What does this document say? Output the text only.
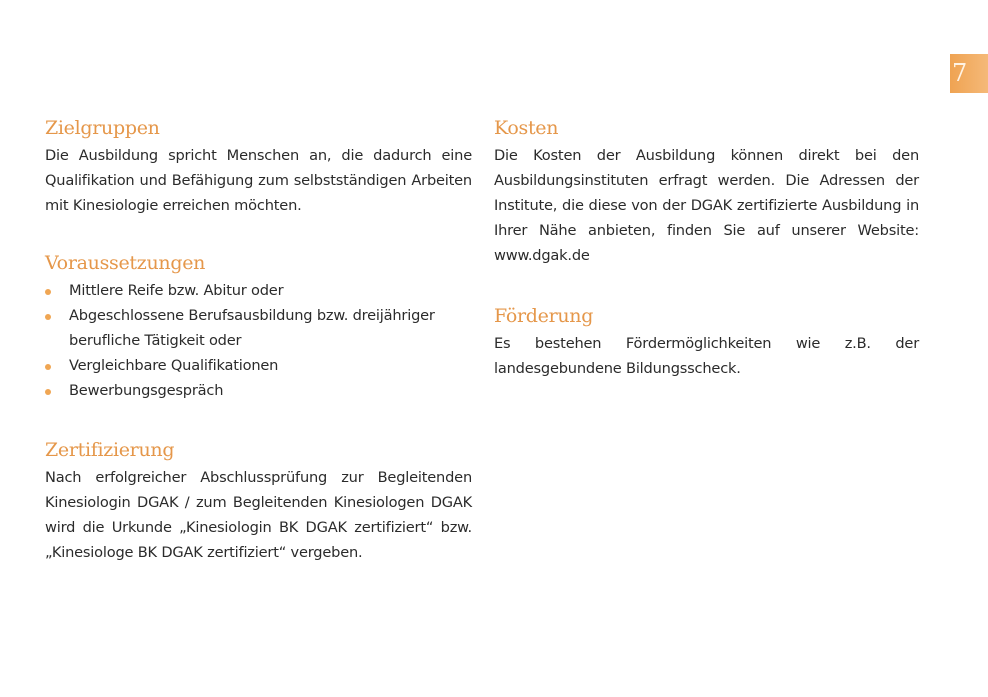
7
Zielgruppen

Die Ausbildung spricht Menschen an, die dadurch eine Qualifikation und Befähigung zum selbstständigen Arbeiten mit Kinesiologie erreichen möchten.

Voraussetzungen
Mittlere Reife bzw. Abitur oder
Abgeschlossene Berufsausbildung bzw. dreijähriger berufliche Tätigkeit oder
Vergleichbare Qualifikationen
Bewerbungsgespräch
Zertifizierung

Nach erfolgreicher Abschlussprüfung zur Begleitenden Kinesiologin DGAK / zum Begleitenden Kinesiologen DGAK wird die Urkunde „Kinesiologin BK DGAK zertifiziert“ bzw. „Kinesiologe BK DGAK zertifiziert“ vergeben.

Kosten

Die Kosten der Ausbildung können direkt bei den Ausbildungsinstituten erfragt werden. Die Adressen der Institute, die diese von der DGAK zertifizierte Ausbildung in Ihrer Nähe anbieten, finden Sie auf unserer Website: www.dgak.de

Förderung

Es bestehen Fördermöglichkeiten wie z.B. der landesgebundene Bildungsscheck.
